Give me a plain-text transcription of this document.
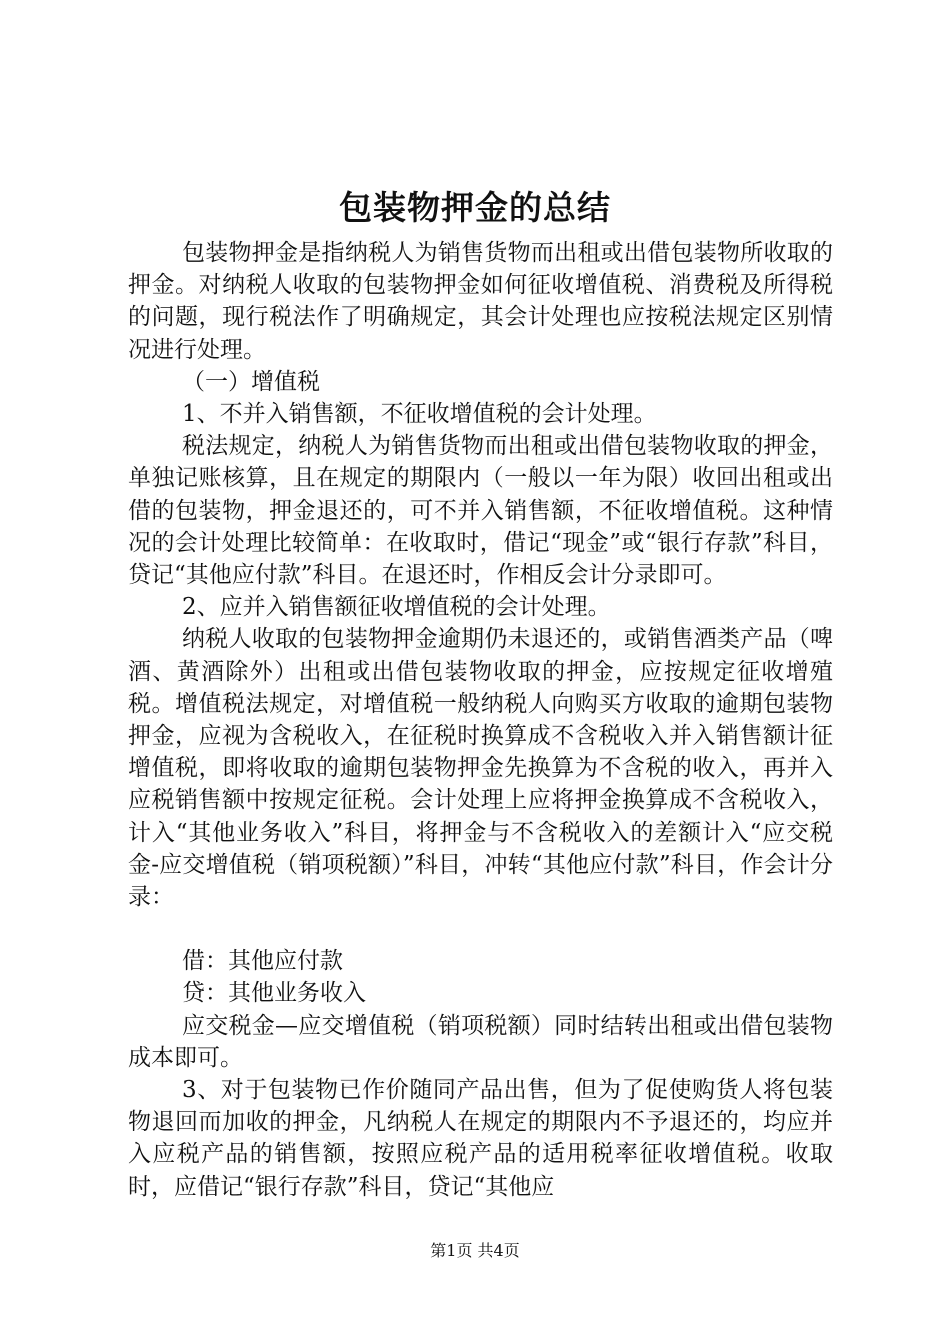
包装物押金的总结

包装物押金是指纳税人为销售货物而出租或出借包装物所收取的押金。对纳税人收取的包装物押金如何征收增值税、消费税及所得税的问题，现行税法作了明确规定，其会计处理也应按税法规定区别情况进行处理。

（一）增值税

1、不并入销售额，不征收增值税的会计处理。

税法规定，纳税人为销售货物而出租或出借包装物收取的押金，单独记账核算，且在规定的期限内（一般以一年为限）收回出租或出借的包装物，押金退还的，可不并入销售额，不征收增值税。这种情况的会计处理比较简单：在收取时，借记“现金”或“银行存款”科目，贷记“其他应付款”科目。在退还时，作相反会计分录即可。

2、应并入销售额征收增值税的会计处理。

纳税人收取的包装物押金逾期仍未退还的，或销售酒类产品（啤酒、黄酒除外）出租或出借包装物收取的押金，应按规定征收增殖税。增值税法规定，对增值税一般纳税人向购买方收取的逾期包装物押金，应视为含税收入，在征税时换算成不含税收入并入销售额计征增值税，即将收取的逾期包装物押金先换算为不含税的收入，再并入应税销售额中按规定征税。会计处理上应将押金换算成不含税收入，计入“其他业务收入”科目，将押金与不含税收入的差额计入“应交税金-应交增值税（销项税额）”科目，冲转“其他应付款”科目，作会计分录：

借：其他应付款

贷：其他业务收入

应交税金—应交增值税（销项税额）同时结转出租或出借包装物成本即可。

3、对于包装物已作价随同产品出售，但为了促使购货人将包装物退回而加收的押金，凡纳税人在规定的期限内不予退还的，均应并入应税产品的销售额，按照应税产品的适用税率征收增值税。收取时，应借记“银行存款”科目，贷记“其他应

第1页 共4页
